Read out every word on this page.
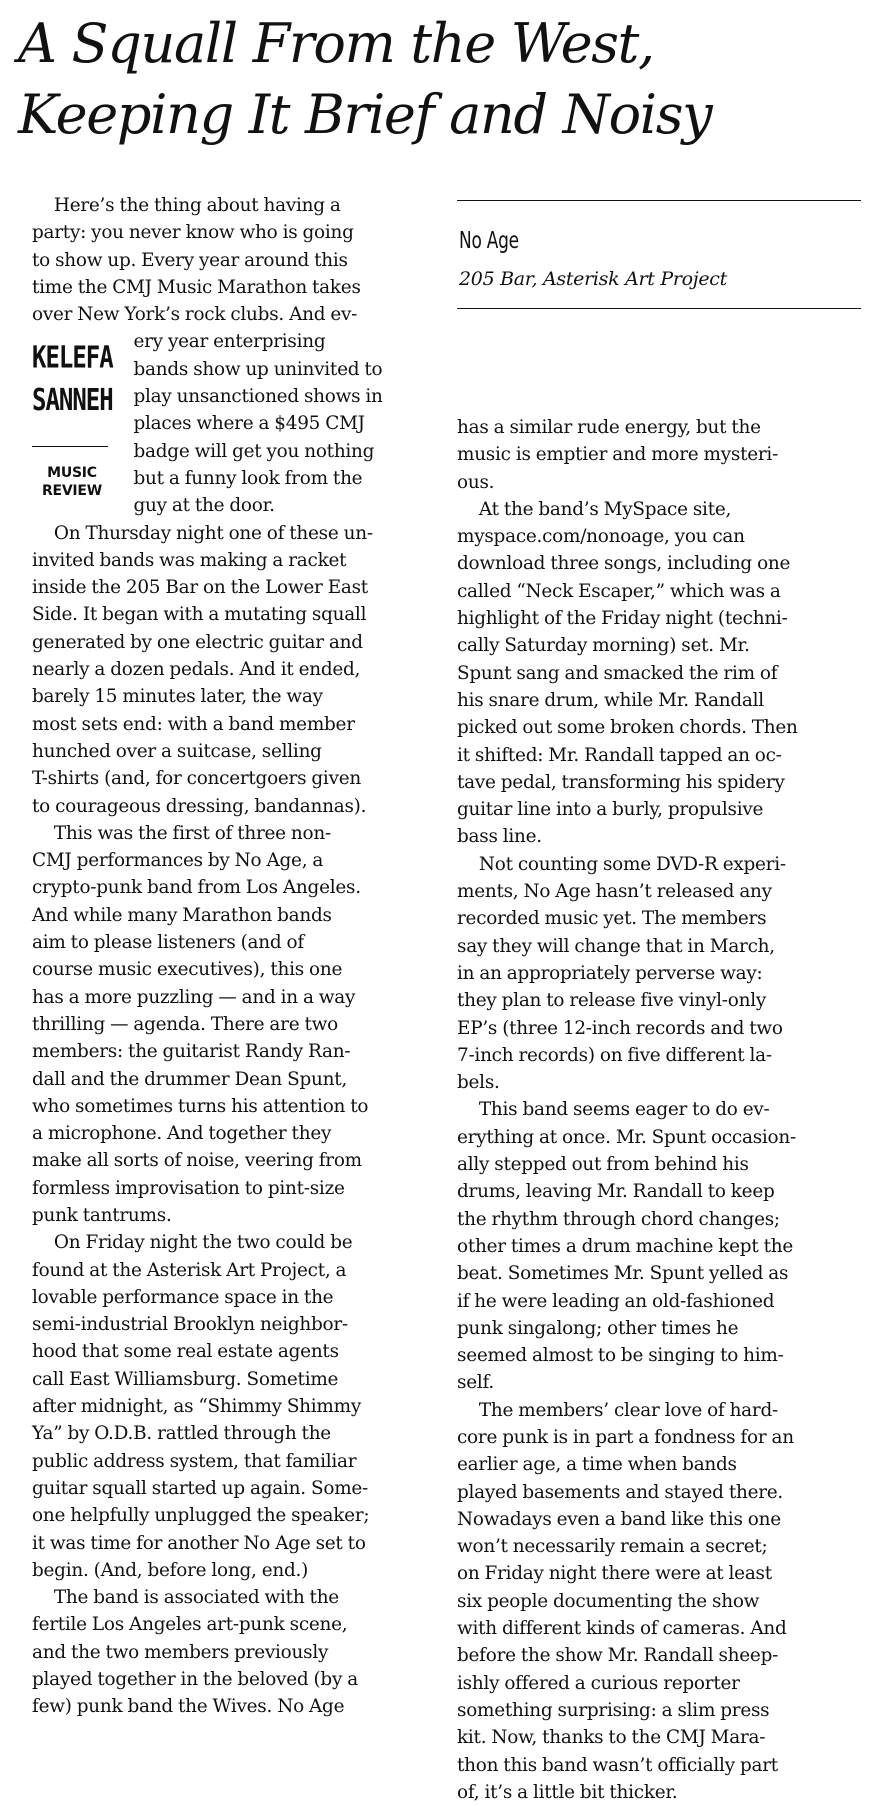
A Squall From the West,
Keeping It Brief and Noisy
No Age
205 Bar, Asterisk Art Project

Here’s the thing about having a
party: you never know who is going
to show up. Every year around this
time the CMJ Music Marathon takes
over New York’s rock clubs. And ev-

KELEFA
SANNEH
MUSIC
REVIEW
ery year enterprising
bands show up uninvited to
play unsanctioned shows in
places where a $495 CMJ
badge will get you nothing
but a funny look from the
guy at the door.

On Thursday night one of these un-
invited bands was making a racket
inside the 205 Bar on the Lower East
Side. It began with a mutating squall
generated by one electric guitar and
nearly a dozen pedals. And it ended,
barely 15 minutes later, the way
most sets end: with a band member
hunched over a suitcase, selling
T-shirts (and, for concertgoers given
to courageous dressing, bandannas).

This was the first of three non-
CMJ performances by No Age, a
crypto-punk band from Los Angeles.
And while many Marathon bands
aim to please listeners (and of
course music executives), this one
has a more puzzling — and in a way
thrilling — agenda. There are two
members: the guitarist Randy Ran-
dall and the drummer Dean Spunt,
who sometimes turns his attention to
a microphone. And together they
make all sorts of noise, veering from
formless improvisation to pint-size
punk tantrums.

On Friday night the two could be
found at the Asterisk Art Project, a
lovable performance space in the
semi-industrial Brooklyn neighbor-
hood that some real estate agents
call East Williamsburg. Sometime
after midnight, as “Shimmy Shimmy
Ya” by O.D.B. rattled through the
public address system, that familiar
guitar squall started up again. Some-
one helpfully unplugged the speaker;
it was time for another No Age set to
begin. (And, before long, end.)

The band is associated with the
fertile Los Angeles art-punk scene,
and the two members previously
played together in the beloved (by a
few) punk band the Wives. No Age

has a similar rude energy, but the
music is emptier and more mysteri-
ous.

At the band’s MySpace site,
myspace.com/nonoage, you can
download three songs, including one
called “Neck Escaper,” which was a
highlight of the Friday night (techni-
cally Saturday morning) set. Mr.
Spunt sang and smacked the rim of
his snare drum, while Mr. Randall
picked out some broken chords. Then
it shifted: Mr. Randall tapped an oc-
tave pedal, transforming his spidery
guitar line into a burly, propulsive
bass line.

Not counting some DVD-R experi-
ments, No Age hasn’t released any
recorded music yet. The members
say they will change that in March,
in an appropriately perverse way:
they plan to release five vinyl-only
EP’s (three 12-inch records and two
7-inch records) on five different la-
bels.

This band seems eager to do ev-
erything at once. Mr. Spunt occasion-
ally stepped out from behind his
drums, leaving Mr. Randall to keep
the rhythm through chord changes;
other times a drum machine kept the
beat. Sometimes Mr. Spunt yelled as
if he were leading an old-fashioned
punk singalong; other times he
seemed almost to be singing to him-
self.

The members’ clear love of hard-
core punk is in part a fondness for an
earlier age, a time when bands
played basements and stayed there.
Nowadays even a band like this one
won’t necessarily remain a secret;
on Friday night there were at least
six people documenting the show
with different kinds of cameras. And
before the show Mr. Randall sheep-
ishly offered a curious reporter
something surprising: a slim press
kit. Now, thanks to the CMJ Mara-
thon this band wasn’t officially part
of, it’s a little bit thicker.
